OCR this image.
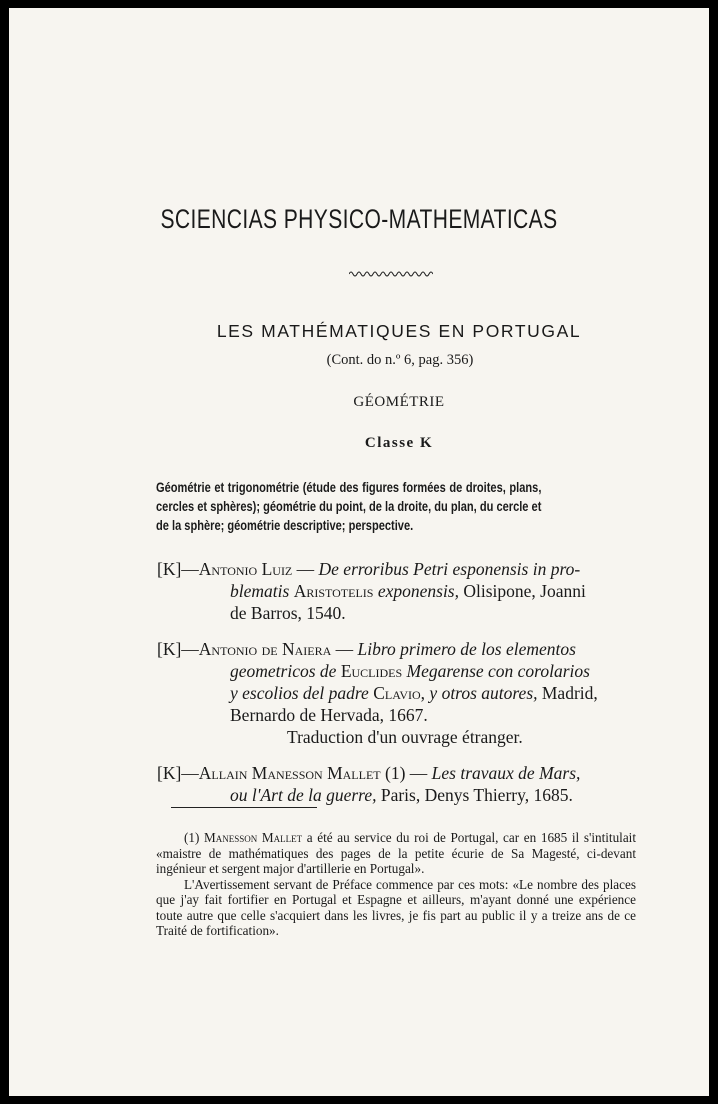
SCIENCIAS PHYSICO-MATHEMATICAS
LES MATHÉMATIQUES EN PORTUGAL
(Cont. do n.º 6, pag. 356)
GÉOMÉTRIE
Classe K
Géométrie et trigonométrie (étude des figures formées de droites, plans, cercles et sphères); géométrie du point, de la droite, du plan, du cercle et de la sphère; géométrie descriptive; perspective.
[K]—Antonio Luiz — De erroribus Petri esponensis in pro-
blematis Aristotelis exponensis, Olisipone, Joanni
de Barros, 1540.
[K]—Antonio de Naiera — Libro primero de los elementos
geometricos de Euclides Megarense con corolarios
y escolios del padre Clavio, y otros autores, Madrid,
Bernardo de Hervada, 1667.
Traduction d'un ouvrage étranger.
[K]—Allain Manesson Mallet (1) — Les travaux de Mars,
ou l'Art de la guerre, Paris, Denys Thierry, 1685.

(1) Manesson Mallet a été au service du roi de Portugal, car en 1685 il s'intitulait «maistre de mathématiques des pages de la petite écurie de Sa Magesté, ci-devant ingénieur et sergent major d'artillerie en Portugal».

L'Avertissement servant de Préface commence par ces mots: «Le nombre des places que j'ay fait fortifier en Portugal et Espagne et ailleurs, m'ayant donné une expérience toute autre que celle s'acquiert dans les livres, je fis part au public il y a treize ans de ce Traité de fortification».
